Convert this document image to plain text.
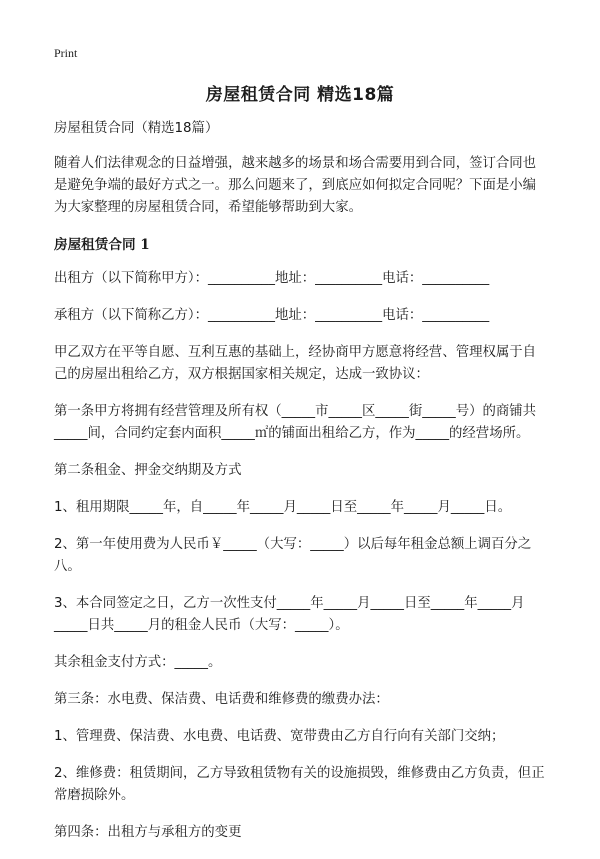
Print
房屋租赁合同 精选18篇

房屋租赁合同（精选18篇）

随着人们法律观念的日益增强，越来越多的场景和场合需要用到合同，签订合同也是避免争端的最好方式之一。那么问题来了，到底应如何拟定合同呢？下面是小编为大家整理的房屋租赁合同，希望能够帮助到大家。

房屋租赁合同 1

出租方（以下简称甲方）：__________地址：__________电话：__________

承租方（以下简称乙方）：__________地址：__________电话：__________

甲乙双方在平等自愿、互利互惠的基础上，经协商甲方愿意将经营、管理权属于自己的房屋出租给乙方，双方根据国家相关规定，达成一致协议：

第一条甲方将拥有经营管理及所有权（_____市_____区_____街_____号）的商铺共_____间，合同约定套内面积_____㎡的铺面出租给乙方，作为_____的经营场所。

第二条租金、押金交纳期及方式

1、租用期限_____年，自_____年_____月_____日至_____年_____月_____日。

2、第一年使用费为人民币￥_____（大写：_____）以后每年租金总额上调百分之八。

3、本合同签定之日，乙方一次性支付_____年_____月_____日至_____年_____月_____日共_____月的租金人民币（大写：_____）。

其余租金支付方式：_____。

第三条：水电费、保洁费、电话费和维修费的缴费办法：

1、管理费、保洁费、水电费、电话费、宽带费由乙方自行向有关部门交纳；

2、维修费：租赁期间，乙方导致租赁物有关的设施损毁，维修费由乙方负责，但正常磨损除外。

第四条：出租方与承租方的变更
